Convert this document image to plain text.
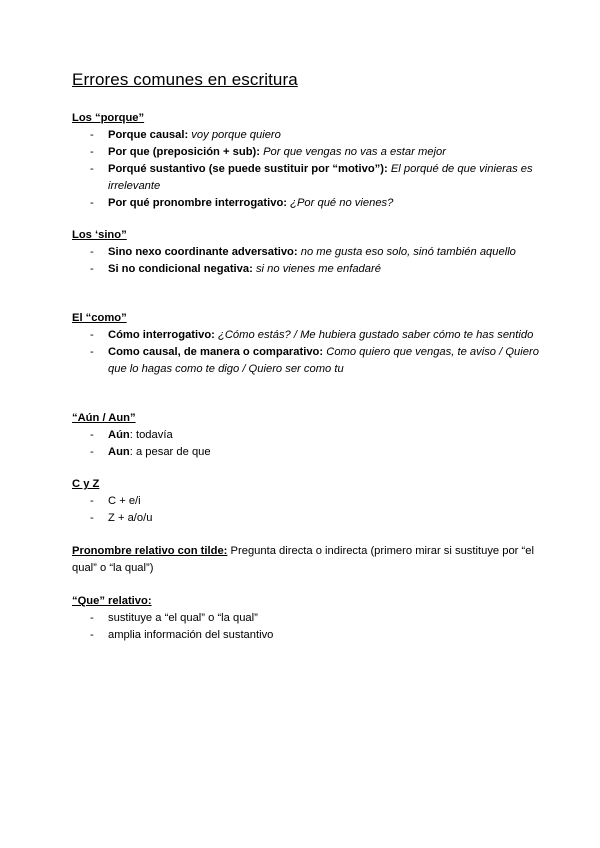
Errores comunes en escritura
Los “porque”
- Porque causal: voy porque quiero
- Por que (preposición + sub): Por que vengas no vas a estar mejor
- Porqué sustantivo (se puede sustituir por “motivo”): El porqué de que vinieras es irrelevante
- Por qué pronombre interrogativo: ¿Por qué no vienes?
Los ‘sino”
- Sino nexo coordinante adversativo: no me gusta eso solo, sinó también aquello
- Si no condicional negativa: si no vienes me enfadaré
El “como”
- Cómo interrogativo: ¿Cómo estás? / Me hubiera gustado saber cómo te has sentido
- Como causal, de manera o comparativo: Como quiero que vengas, te aviso / Quiero que lo hagas como te digo / Quiero ser como tu
“Aún / Aun”
- Aún: todavía
- Aun: a pesar de que
C y Z
- C + e/i
- Z + a/o/u
Pronombre relativo con tilde: Pregunta directa o indirecta (primero mirar si sustituye por “el qual” o “la qual”)
“Que” relativo:
- sustituye a “el qual” o “la qual”
- amplia información del sustantivo
